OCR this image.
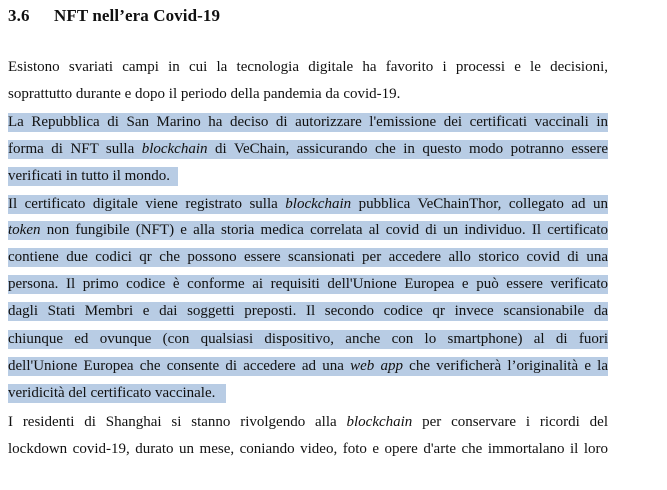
3.6 NFT nell’era Covid-19
Esistono svariati campi in cui la tecnologia digitale ha favorito i processi e le decisioni,
soprattutto durante e dopo il periodo della pandemia da covid-19.
La Repubblica di San Marino ha deciso di autorizzare l'emissione dei certificati vaccinali in
forma di NFT sulla blockchain di VeChain, assicurando che in questo modo potranno essere
verificati in tutto il mondo.
Il certificato digitale viene registrato sulla blockchain pubblica VeChainThor, collegato ad un
token non fungibile (NFT) e alla storia medica correlata al covid di un individuo. Il certificato
contiene due codici qr che possono essere scansionati per accedere allo storico covid di una
persona. Il primo codice è conforme ai requisiti dell'Unione Europea e può essere verificato
dagli Stati Membri e dai soggetti preposti. Il secondo codice qr invece scansionabile da
chiunque ed ovunque (con qualsiasi dispositivo, anche con lo smartphone) al di fuori
dell'Unione Europea che consente di accedere ad una web app che verificherà l’originalità e la
veridicità del certificato vaccinale.
I residenti di Shanghai si stanno rivolgendo alla blockchain per conservare i ricordi del
lockdown covid-19, durato un mese, coniando video, foto e opere d'arte che immortalano il loro
